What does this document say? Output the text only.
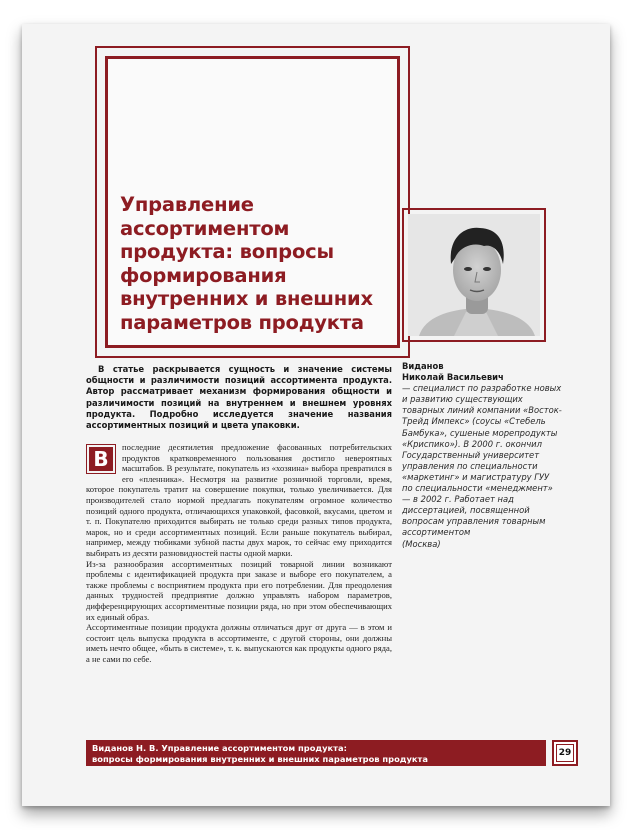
Управление ассортиментом продукта: вопросы формирования внутренних и внешних параметров продукта

В статье раскрывается сущность и значение системы общности и различимости позиций ассортимента продукта. Автор рассматривает механизм формирования общности и различимости позиций на внутреннем и внешнем уровнях продукта. Подробно исследуется значение названия ассортиментных позиций и цвета упаковки.

В	последние десятилетия предложение фасованных потребительских продуктов кратковременного пользования достигло невероятных масштабов. В результате, покупатель из «хозяина» выбора превратился в его «пленника». Несмотря на развитие розничной торговли, время, которое покупатель тратит на совершение покупки, только увеличивается. Для производителей стало нормой предлагать покупателям огромное количество позиций одного продукта, отличающихся упаковкой, фасовкой, вкусами, цветом и т. п. Покупателю приходится выбирать не только среди разных типов продукта, марок, но и среди ассортиментных позиций. Если раньше покупатель выбирал, например, между тюбиками зубной пасты двух марок, то сейчас ему приходится выбирать из десяти разновидностей пасты одной марки.

Из-за разнообразия ассортиментных позиций товарной линии возникают проблемы с идентификацией продукта при заказе и выборе его покупателем, а также проблемы с восприятием продукта при его потреблении. Для преодоления данных трудностей предприятие должно управлять набором параметров, дифференцирующих ассортиментные позиции ряда, но при этом обеспечивающих их единый образ.

Ассортиментные позиции продукта должны отличаться друг от друга — в этом и состоит цель выпуска продукта в ассортименте, с другой стороны, они должны иметь нечто общее, «быть в системе», т. к. выпускаются как продукты одного ряда, а не сами по себе.

Виданов

Николай Васильевич

— специалист по разработке новых и развитию существующих товарных линий компании «Восток-Трейд Импекс» (соусы «Стебель Бамбука», сушеные морепродукты «Криспико»). В 2000 г. окончил Государственный университет управления по специальности «маркетинг» и магистратуру ГУУ по специальности «менеджмент» — в 2002 г. Работает над диссертацией, посвященной вопросам управления товарным ассортиментом

(Москва)

Виданов Н. В. Управление ассортиментом продукта:
вопросы формирования внутренних и внешних параметров продукта
29
